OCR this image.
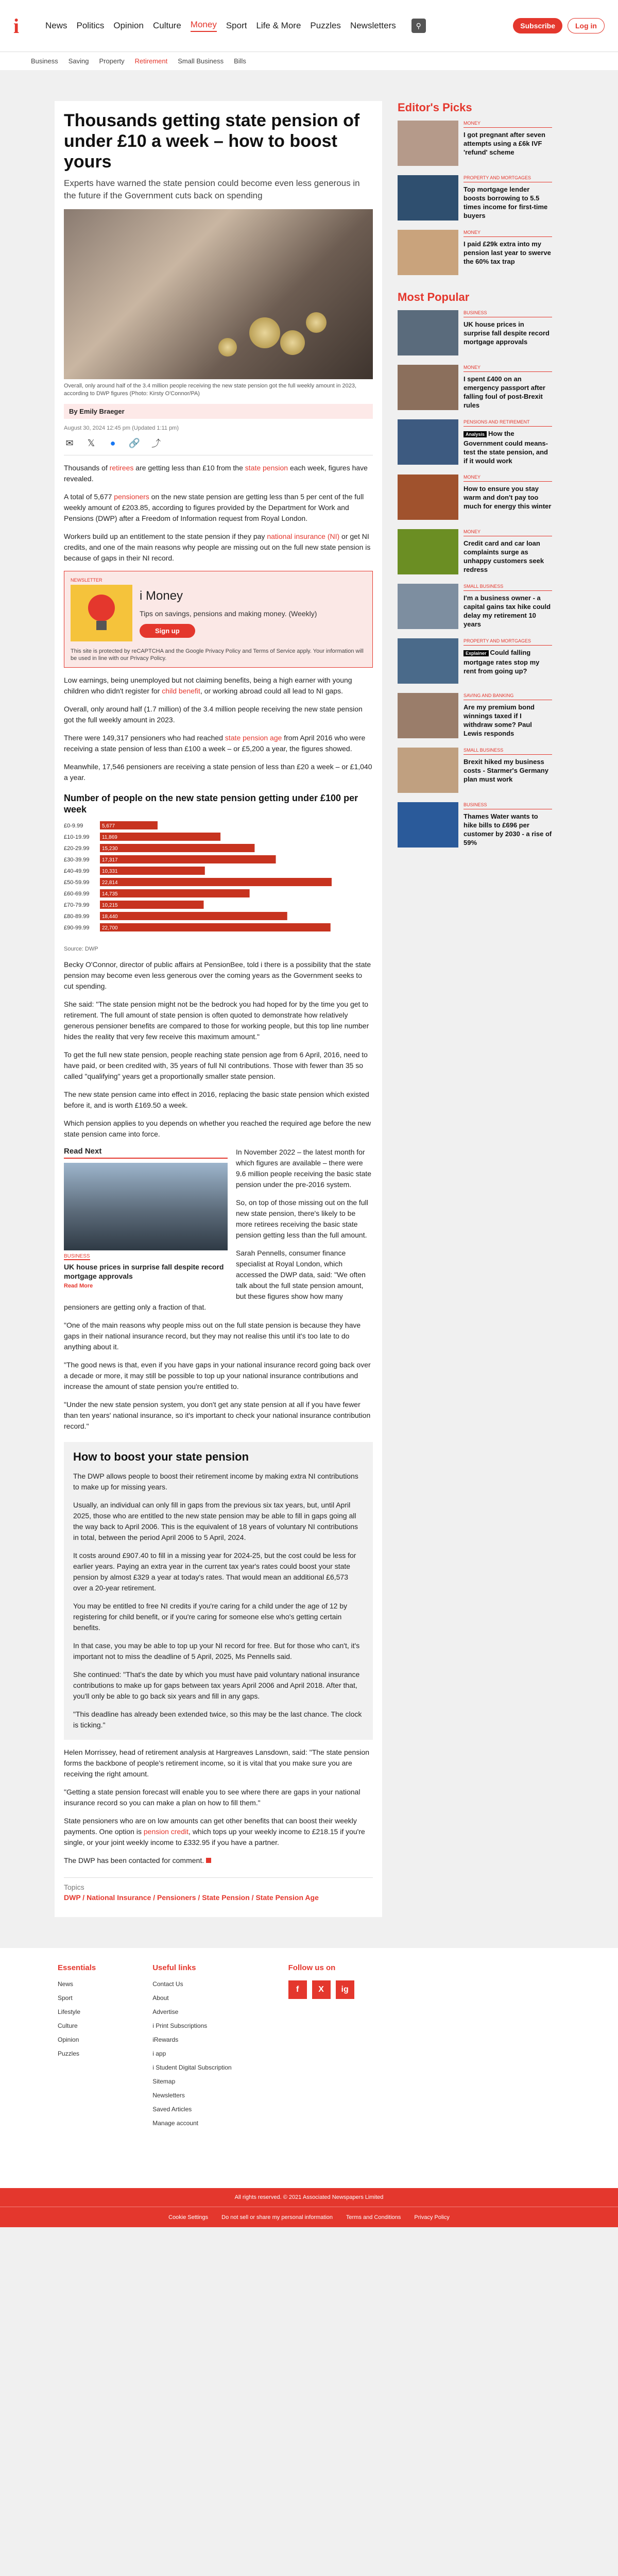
i	News Politics Opinion Culture Money Sport Life & More Puzzles Newsletters	⚲	Subscribe	Log in
Business Saving Property Retirement Small Business Bills
Thousands getting state pension of under £10 a week – how to boost yours

Experts have warned the state pension could become even less generous in the future if the Government cuts back on spending

Overall, only around half of the 3.4 million people receiving the new state pension got the full weekly amount in 2023, according to DWP figures (Photo: Kirsty O'Connor/PA)

By Emily Braeger
August 30, 2024 12:45 pm (Updated 1:11 pm)
✉ 𝕏	●	🔗 ⤴

Thousands of retirees are getting less than £10 from the state pension each week, figures have revealed.

A total of 5,677 pensioners on the new state pension are getting less than 5 per cent of the full weekly amount of £203.85, according to figures provided by the Department for Work and Pensions (DWP) after a Freedom of Information request from Royal London.

Workers build up an entitlement to the state pension if they pay national insurance (NI) or get NI credits, and one of the main reasons why people are missing out on the full new state pension is because of gaps in their NI record.

NEWSLETTER
i Money
Tips on savings, pensions and making money. (Weekly)
Sign up
This site is protected by reCAPTCHA and the Google Privacy Policy and Terms of Service apply. Your information will be used in line with our Privacy Policy.

Low earnings, being unemployed but not claiming benefits, being a high earner with young children who didn't register for child benefit, or working abroad could all lead to NI gaps.

Overall, only around half (1.7 million) of the 3.4 million people receiving the new state pension got the full weekly amount in 2023.

There were 149,317 pensioners who had reached state pension age from April 2016 who were receiving a state pension of less than £100 a week – or £5,200 a year, the figures showed.

Meanwhile, 17,546 pensioners are receiving a state pension of less than £20 a week – or £1,040 a year.

Number of people on the new state pension getting under £100 per week
£0-9.99	5,677
£10-19.99 11,869
£20-29.99 15,230
£30-39.99 17,317
£40-49.99 10,331
£50-59.99 22,814
£60-69.99 14,735
£70-79.99 10,215
£80-89.99 18,440
£90-99.99 22,700
Source: DWP

Becky O'Connor, director of public affairs at PensionBee, told i there is a possibility that the state pension may become even less generous over the coming years as the Government seeks to cut spending.

She said: "The state pension might not be the bedrock you had hoped for by the time you get to retirement. The full amount of state pension is often quoted to demonstrate how relatively generous pensioner benefits are compared to those for working people, but this top line number hides the reality that very few receive this maximum amount."

To get the full new state pension, people reaching state pension age from 6 April, 2016, need to have paid, or been credited with, 35 years of full NI contributions. Those with fewer than 35 so called "qualifying" years get a proportionally smaller state pension.

The new state pension came into effect in 2016, replacing the basic state pension which existed before it, and is worth £169.50 a week.

Which pension applies to you depends on whether you reached the required age before the new state pension came into force.

Read Next
BUSINESS
UK house prices in surprise fall despite record mortgage approvals
Read More

In November 2022 – the latest month for which figures are available – there were 9.6 million people receiving the basic state pension under the pre-2016 system.

So, on top of those missing out on the full new state pension, there's likely to be more retirees receiving the basic state pension getting less than the full amount.

Sarah Pennells, consumer finance specialist at Royal London, which accessed the DWP data, said: "We often talk about the full state pension amount, but these figures show how many pensioners are getting only a fraction of that.

"One of the main reasons why people miss out on the full state pension is because they have gaps in their national insurance record, but they may not realise this until it's too late to do anything about it.

"The good news is that, even if you have gaps in your national insurance record going back over a decade or more, it may still be possible to top up your national insurance contributions and increase the amount of state pension you're entitled to.

"Under the new state pension system, you don't get any state pension at all if you have fewer than ten years' national insurance, so it's important to check your national insurance contribution record."

How to boost your state pension

The DWP allows people to boost their retirement income by making extra NI contributions to make up for missing years.

Usually, an individual can only fill in gaps from the previous six tax years, but, until April 2025, those who are entitled to the new state pension may be able to fill in gaps going all the way back to April 2006. This is the equivalent of 18 years of voluntary NI contributions in total, between the period April 2006 to 5 April, 2024.

It costs around £907.40 to fill in a missing year for 2024-25, but the cost could be less for earlier years. Paying an extra year in the current tax year's rates could boost your state pension by almost £329 a year at today's rates. That would mean an additional £6,573 over a 20-year retirement.

You may be entitled to free NI credits if you're caring for a child under the age of 12 by registering for child benefit, or if you're caring for someone else who's getting certain benefits.

In that case, you may be able to top up your NI record for free. But for those who can't, it's important not to miss the deadline of 5 April, 2025, Ms Pennells said.

She continued: "That's the date by which you must have paid voluntary national insurance contributions to make up for gaps between tax years April 2006 and April 2018. After that, you'll only be able to go back six years and fill in any gaps.

"This deadline has already been extended twice, so this may be the last chance. The clock is ticking."

Helen Morrissey, head of retirement analysis at Hargreaves Lansdown, said: "The state pension forms the backbone of people's retirement income, so it is vital that you make sure you are receiving the right amount.

"Getting a state pension forecast will enable you to see where there are gaps in your national insurance record so you can make a plan on how to fill them."

State pensioners who are on low amounts can get other benefits that can boost their weekly payments. One option is pension credit, which tops up your weekly income to £218.15 if you're single, or your joint weekly income to £332.95 if you have a partner.

The DWP has been contacted for comment.

Topics
DWP / National Insurance / Pensioners / State Pension / State Pension Age
Editor's Picks
MONEY
I got pregnant after seven attempts using a £6k IVF 'refund' scheme
PROPERTY AND MORTGAGES
Top mortgage lender boosts borrowing to 5.5 times income for first-time buyers
MONEY
I paid £29k extra into my pension last year to swerve the 60% tax trap
Most Popular
BUSINESS
UK house prices in surprise fall despite record mortgage approvals
MONEY
I spent £400 on an emergency passport after falling foul of post-Brexit rules
PENSIONS AND RETIREMENT
Analysis How the Government could means-test the state pension, and if it would work
MONEY
How to ensure you stay warm and don't pay too much for energy this winter
MONEY
Credit card and car loan complaints surge as unhappy customers seek redress
SMALL BUSINESS
I'm a business owner - a capital gains tax hike could delay my retirement 10 years
PROPERTY AND MORTGAGES
Explainer Could falling mortgage rates stop my rent from going up?
SAVING AND BANKING
Are my premium bond winnings taxed if I withdraw some? Paul Lewis responds
SMALL BUSINESS
Brexit hiked my business costs - Starmer's Germany plan must work
BUSINESS
Thames Water wants to hike bills to £696 per customer by 2030 - a rise of 59%
Essentials
News
Sport
Lifestyle
Culture
Opinion
Puzzles
Useful links
Contact Us
About
Advertise
i Print Subscriptions
iRewards
i app
i Student Digital Subscription
Sitemap
Newsletters
Saved Articles
Manage account
Follow us on
f	X	ig
All rights reserved. © 2021 Associated Newspapers Limited
Cookie Settings Do not sell or share my personal information Terms and Conditions Privacy Policy
